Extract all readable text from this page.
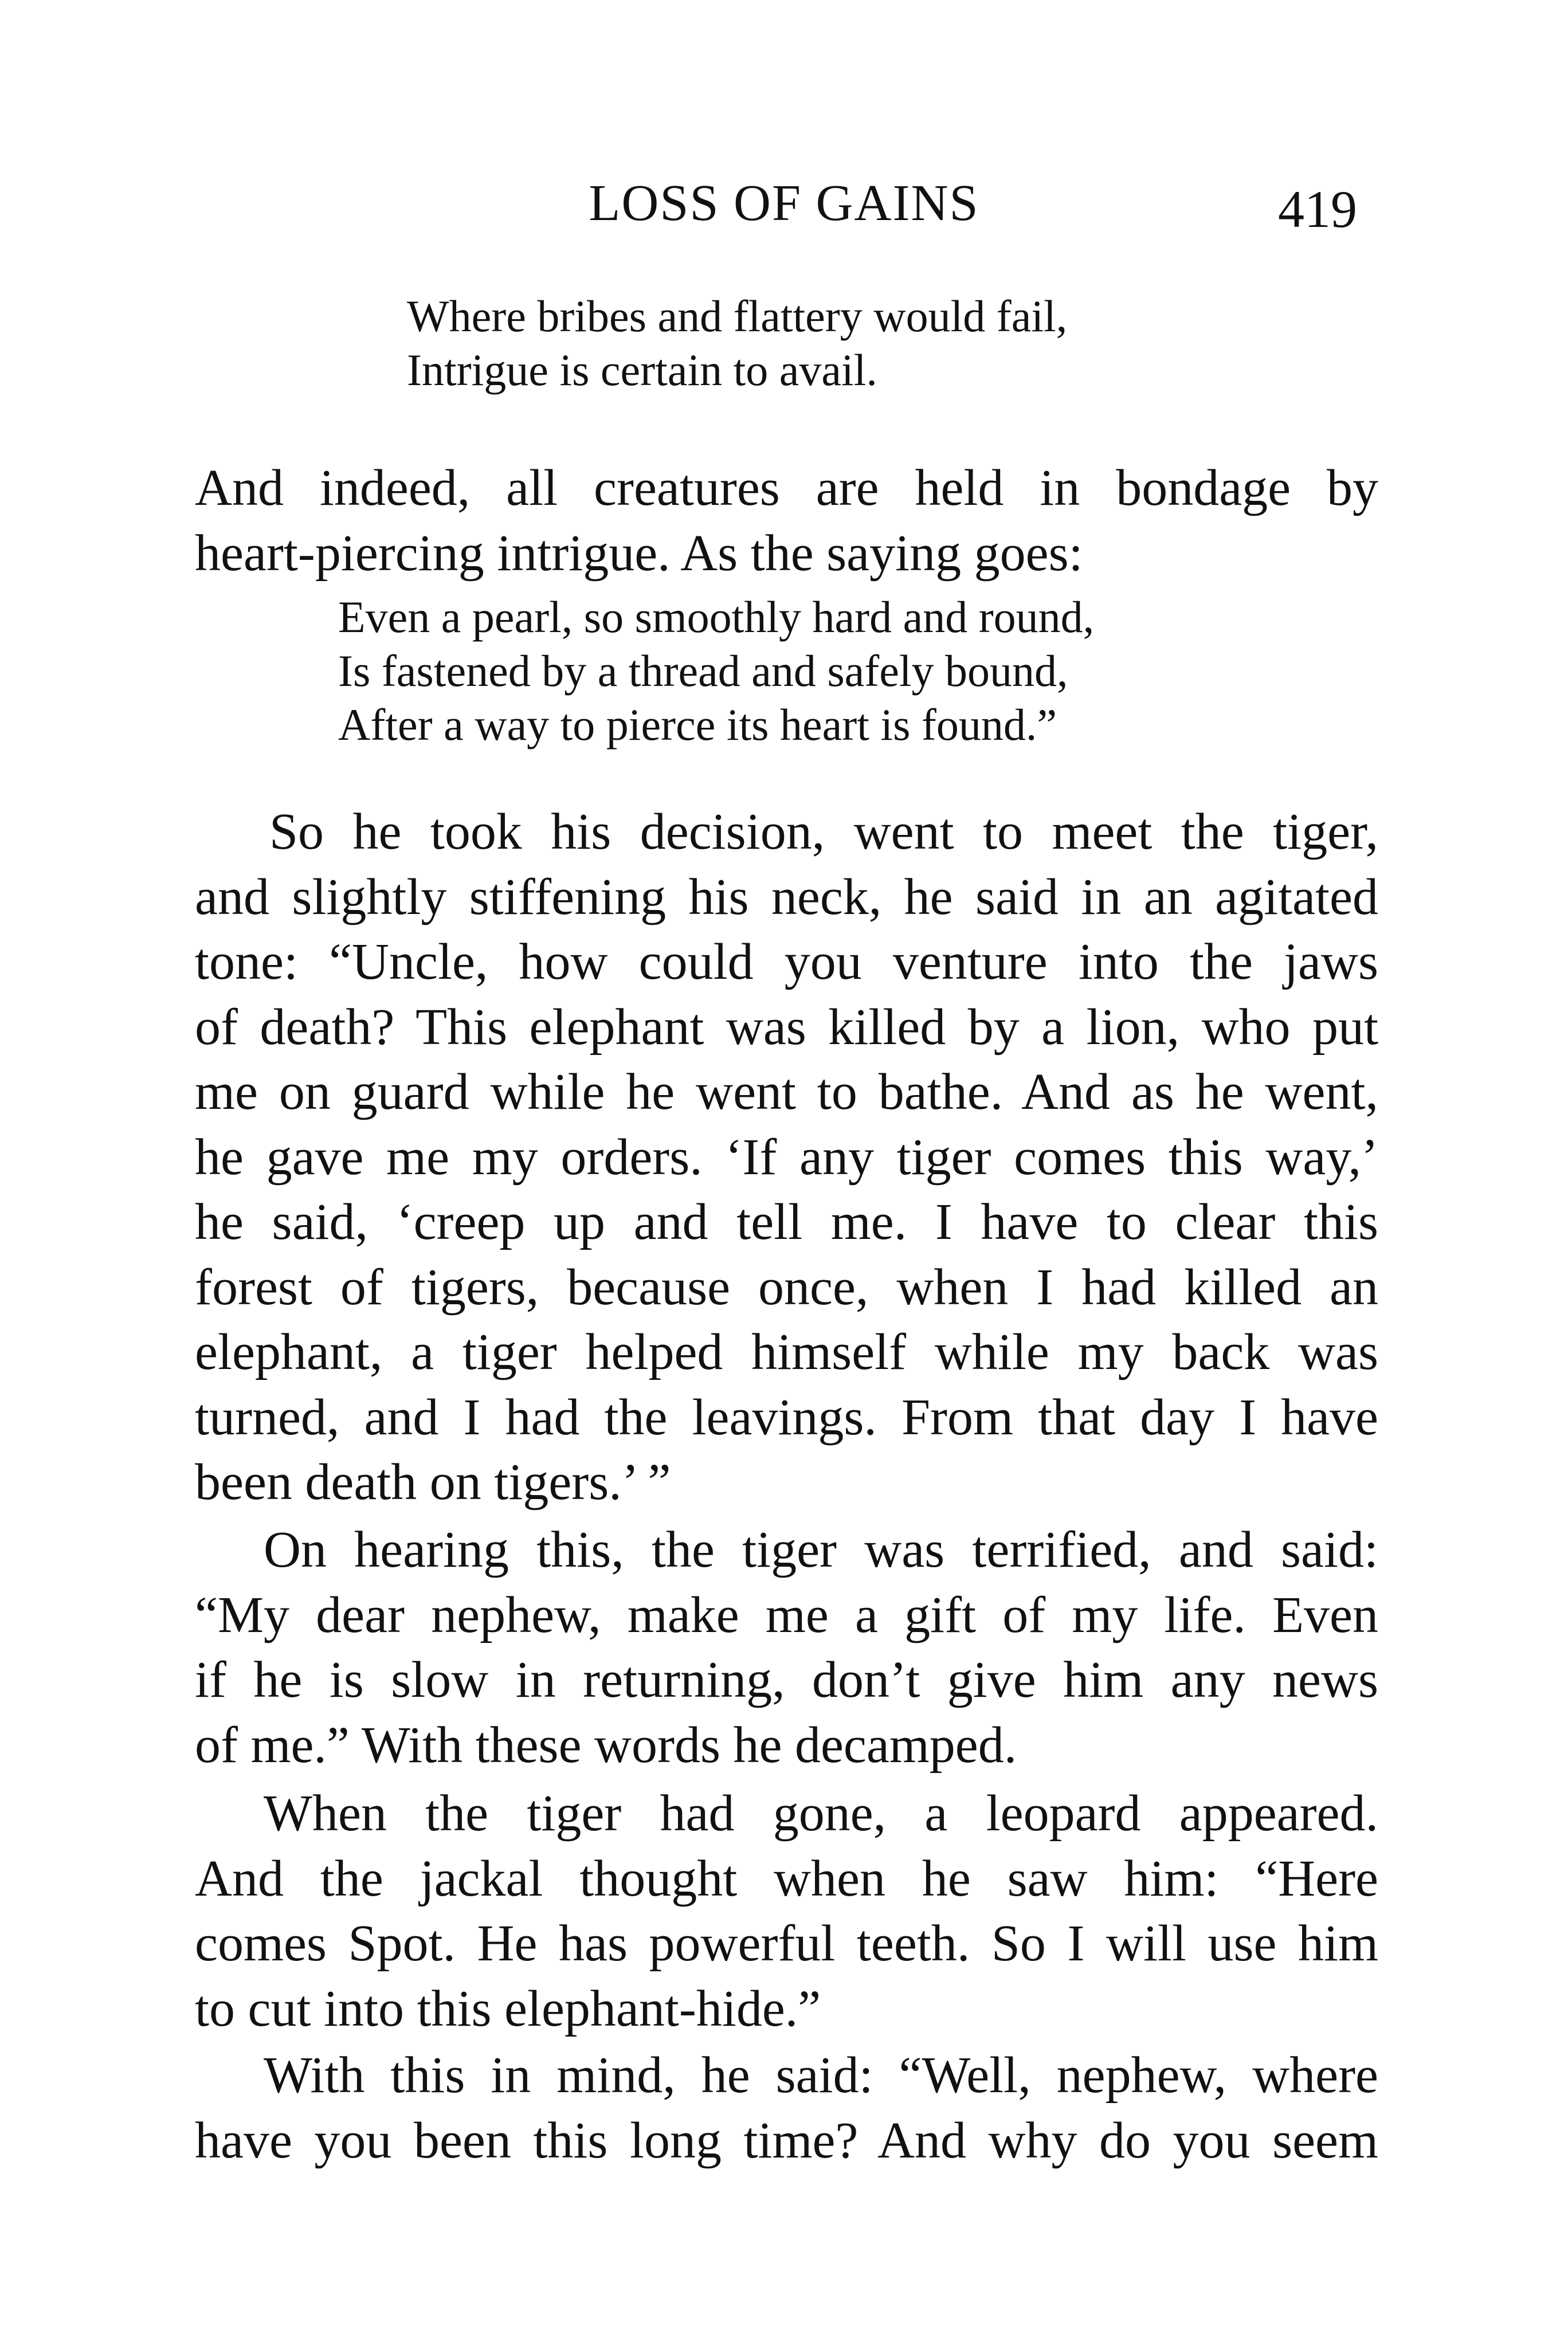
LOSS OF GAINS	419
Where bribes and flattery would fail,
Intrigue is certain to avail.
And indeed, all creatures are held in bondage by
heart-piercing intrigue. As the saying goes:
Even a pearl, so smoothly hard and round,
Is fastened by a thread and safely bound,
After a way to pierce its heart is found.”
So he took his decision, went to meet the tiger,
and slightly stiffening his neck, he said in an agitated
tone: “Uncle, how could you venture into the jaws
of death? This elephant was killed by a lion, who put
me on guard while he went to bathe. And as he went,
he gave me my orders. ‘If any tiger comes this way,’
he said, ‘creep up and tell me. I have to clear this
forest of tigers, because once, when I had killed an
elephant, a tiger helped himself while my back was
turned, and I had the leavings. From that day I have
been death on tigers.’ ”
On hearing this, the tiger was terrified, and said:
“My dear nephew, make me a gift of my life. Even
if he is slow in returning, don’t give him any news
of me.” With these words he decamped.
When the tiger had gone, a leopard appeared.
And the jackal thought when he saw him: “Here
comes Spot. He has powerful teeth. So I will use him
to cut into this elephant-hide.”
With this in mind, he said: “Well, nephew, where
have you been this long time? And why do you seem
